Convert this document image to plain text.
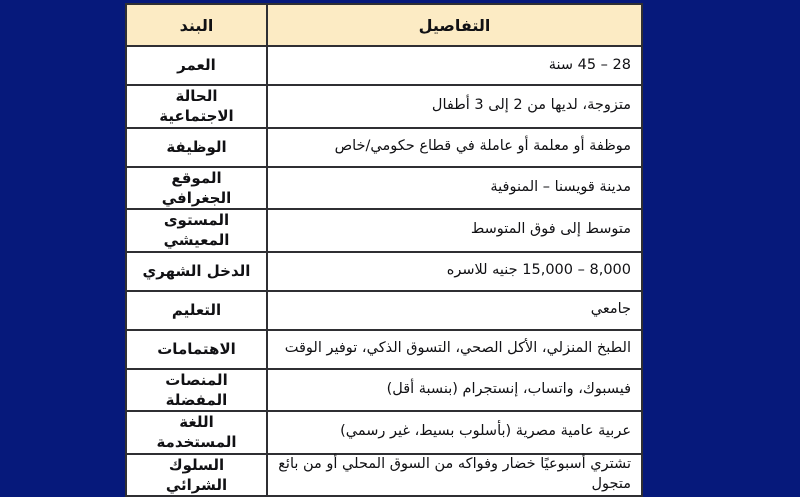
التفاصيل	البند
28 – 45 سنة	العمر
متزوجة، لديها من 2 إلى 3 أطفال	الحالة الاجتماعية
موظفة أو معلمة أو عاملة في قطاع حكومي/خاص	الوظيفة
مدينة قويسنا – المنوفية	الموقع الجغرافي
متوسط إلى فوق المتوسط	المستوى المعيشي
8,000 – 15,000 جنيه للاسره	الدخل الشهري
جامعي	التعليم
الطبخ المنزلي، الأكل الصحي، التسوق الذكي، توفير الوقت	الاهتمامات
فيسبوك، واتساب، إنستجرام (بنسبة أقل)	المنصات المفضلة
عربية عامية مصرية (بأسلوب بسيط، غير رسمي)	اللغة المستخدمة
تشتري أسبوعيًا خضار وفواكه من السوق المحلي أو من بائع متجول	السلوك الشرائي
